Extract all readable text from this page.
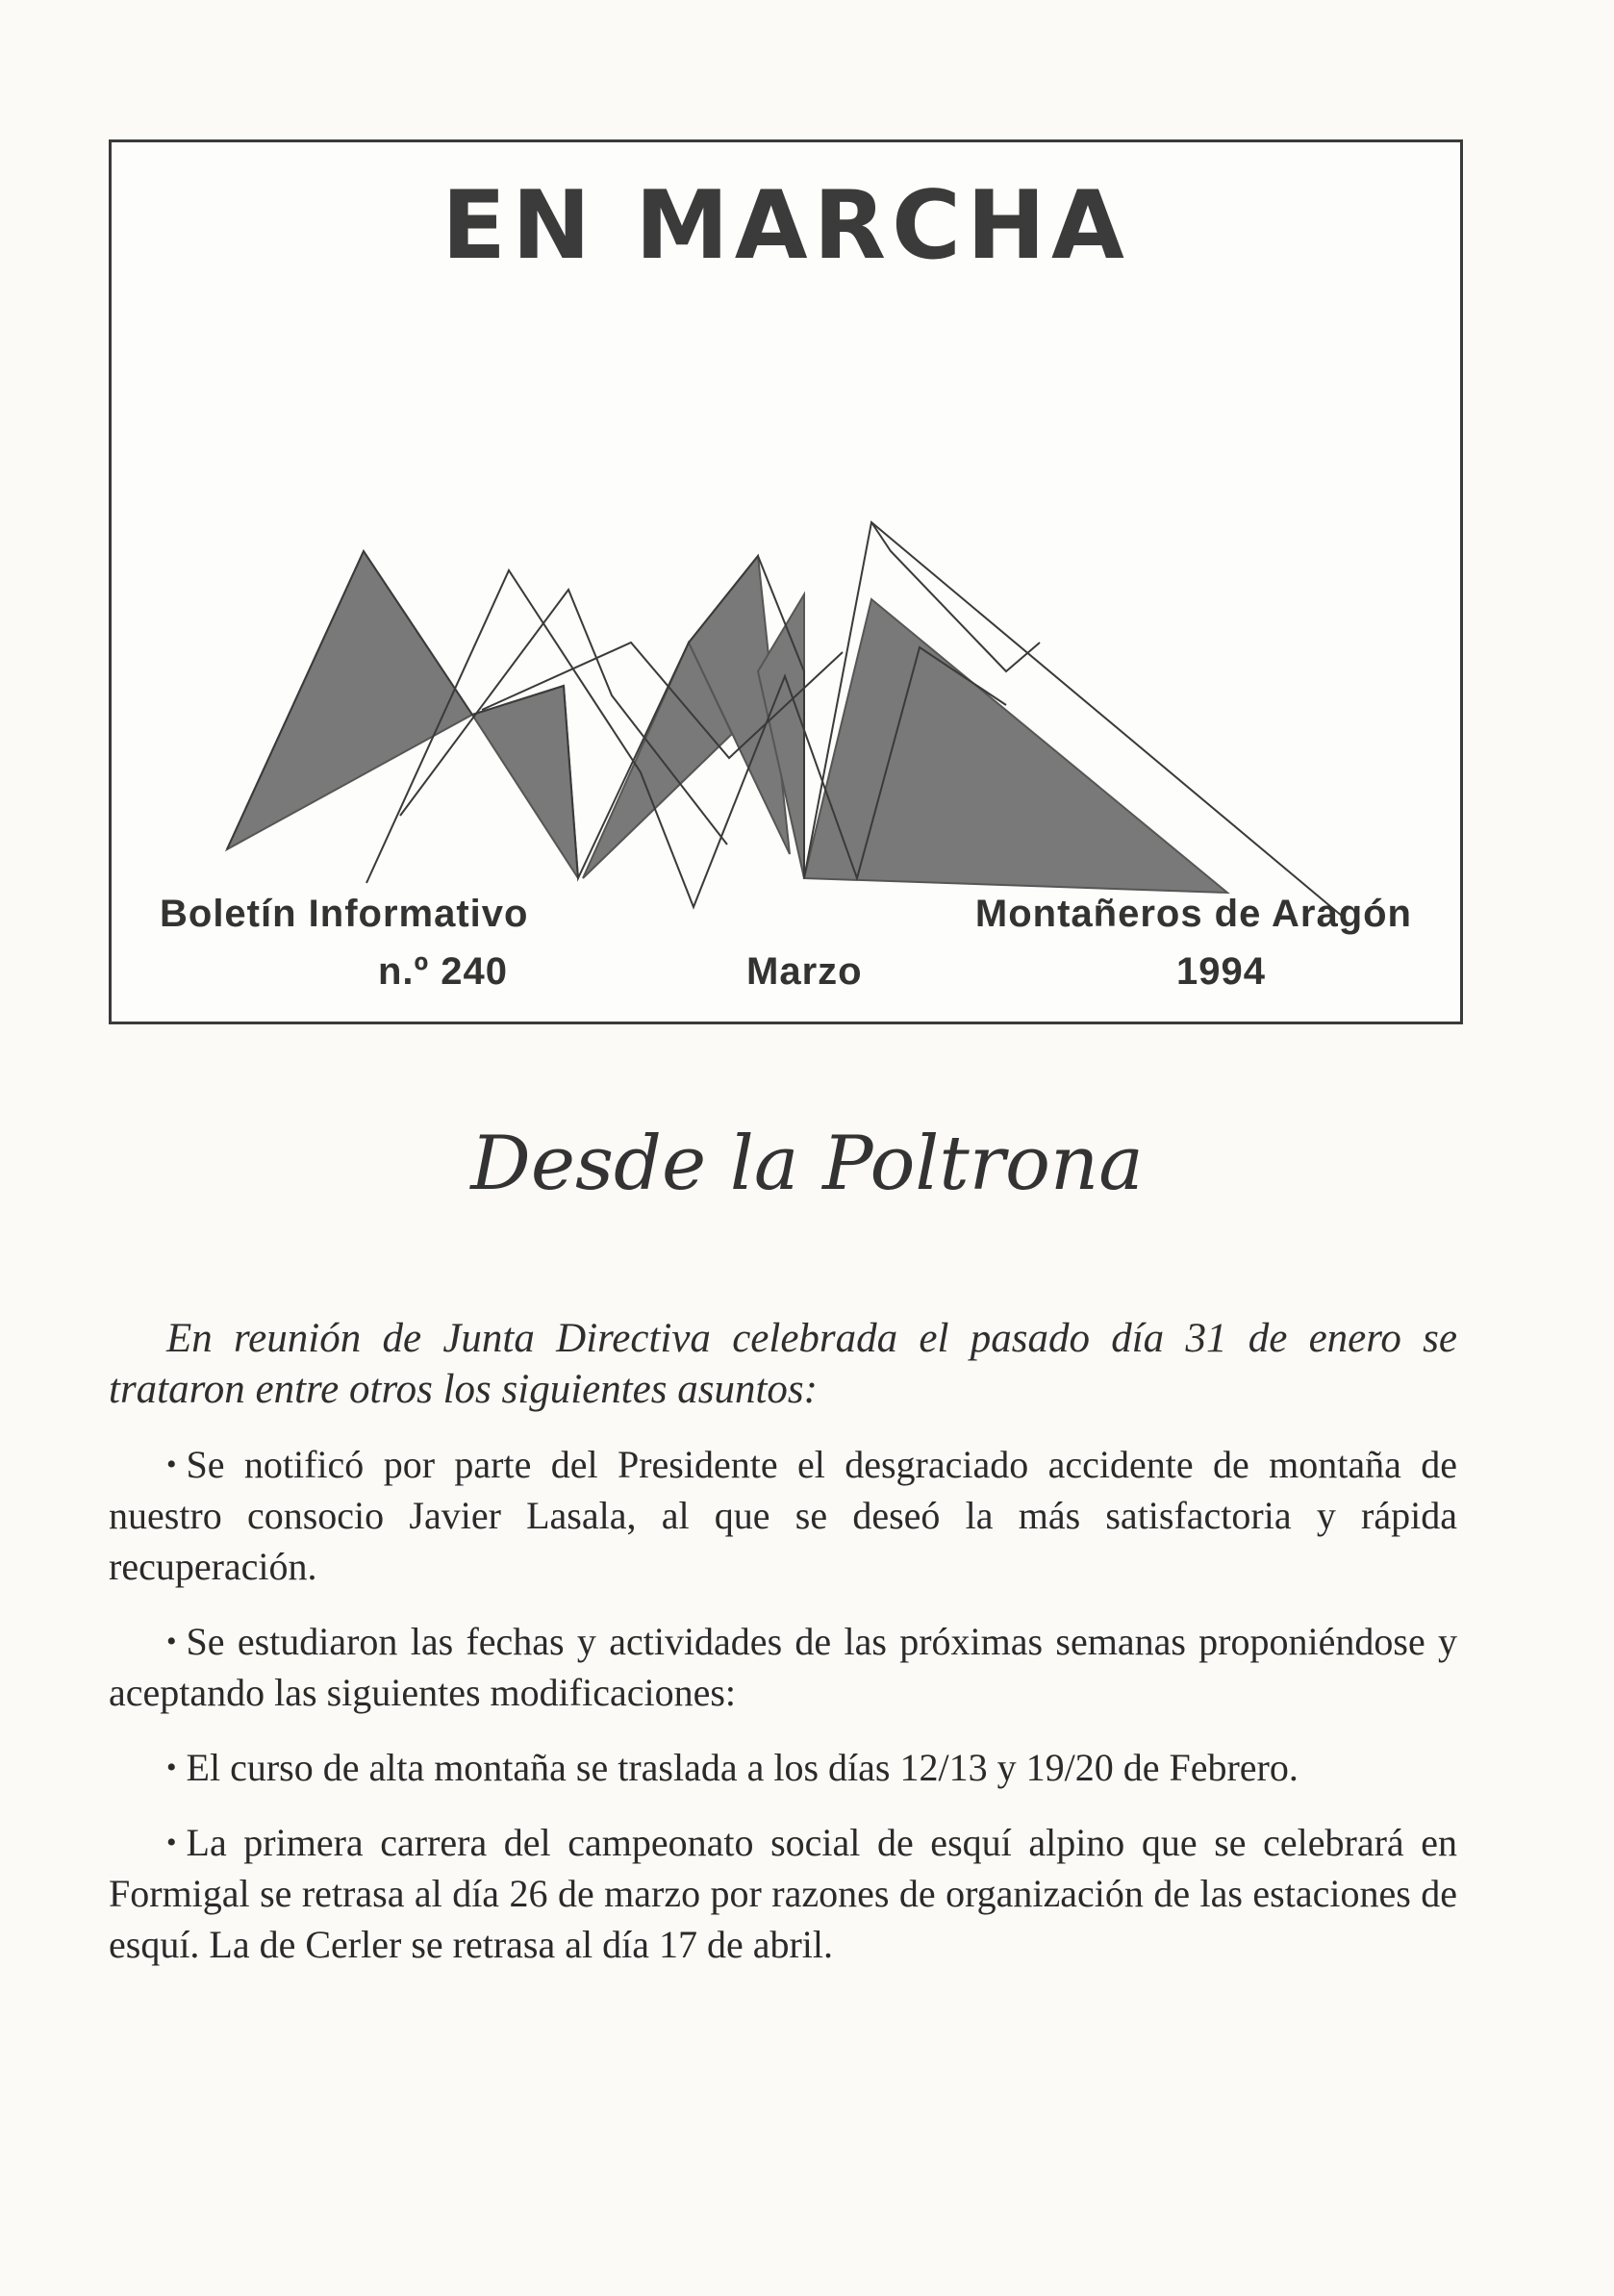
EN MARCHA
Boletín Informativo	Montañeros de Aragón
n.º 240	Marzo	1994
Desde la Poltrona

En reunión de Junta Directiva celebrada el pasado día 31 de enero se trataron entre otros los siguientes asuntos:

• Se notificó por parte del Presidente el desgraciado accidente de montaña de nuestro consocio Javier Lasala, al que se deseó la más satisfactoria y rápida recuperación.

• Se estudiaron las fechas y actividades de las próximas semanas proponiéndose y aceptando las siguientes modificaciones:

• El curso de alta montaña se traslada a los días 12/13 y 19/20 de Febrero.

• La primera carrera del campeonato social de esquí alpino que se celebrará en Formigal se retrasa al día 26 de marzo por razones de organización de las estaciones de esquí. La de Cerler se retrasa al día 17 de abril.
